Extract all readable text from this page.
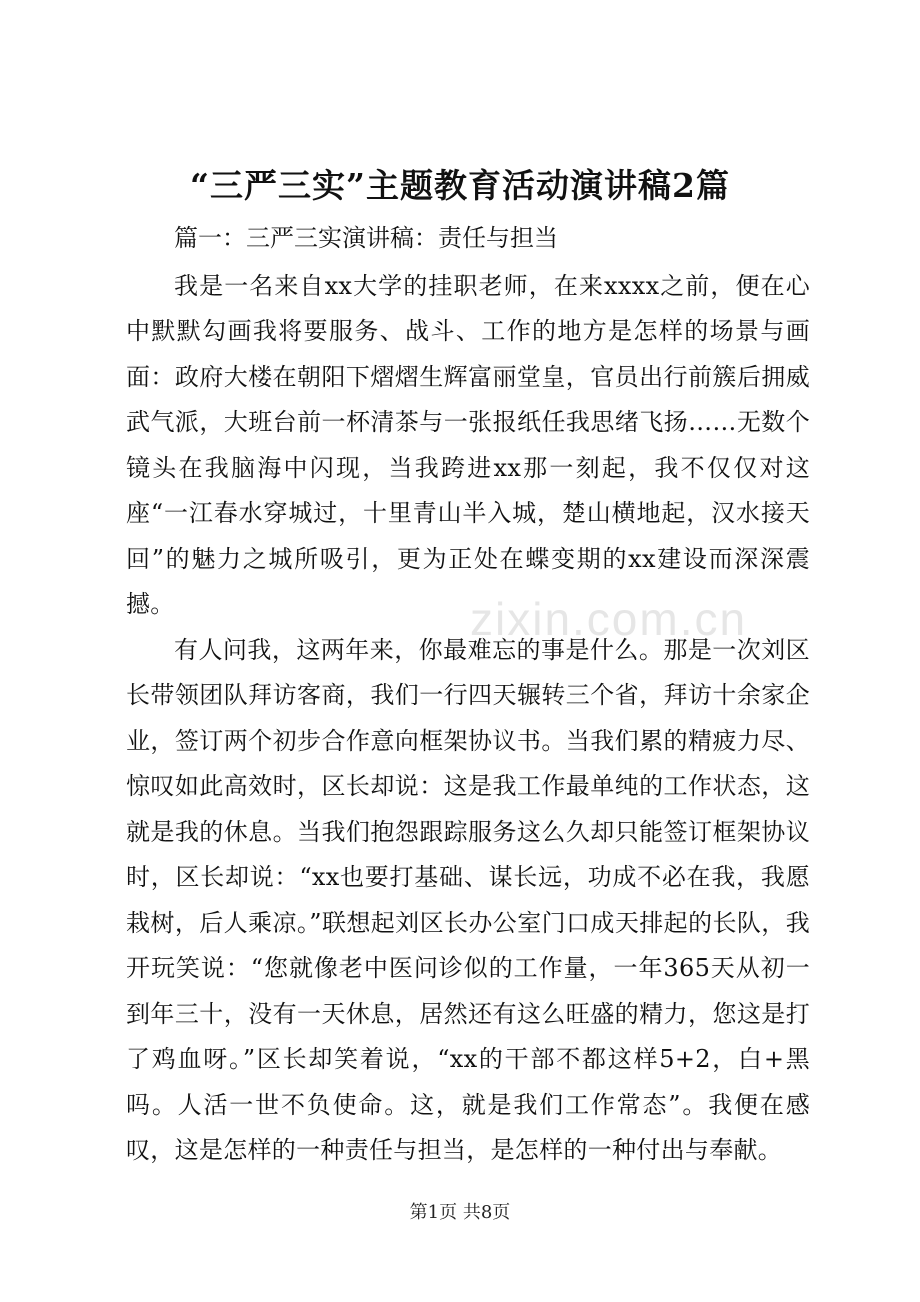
zixin.com.cn
“三严三实”主题教育活动演讲稿2篇

篇一：三严三实演讲稿：责任与担当

我是一名来自xx大学的挂职老师，在来xxxx之前，便在心中默默勾画我将要服务、战斗、工作的地方是怎样的场景与画面：政府大楼在朝阳下熠熠生辉富丽堂皇，官员出行前簇后拥威武气派，大班台前一杯清茶与一张报纸任我思绪飞扬……无数个镜头在我脑海中闪现，当我跨进xx那一刻起，我不仅仅对这座“一江春水穿城过，十里青山半入城，楚山横地起，汉水接天回”的魅力之城所吸引，更为正处在蝶变期的xx建设而深深震撼。

有人问我，这两年来，你最难忘的事是什么。那是一次刘区长带领团队拜访客商，我们一行四天辗转三个省，拜访十余家企业，签订两个初步合作意向框架协议书。当我们累的精疲力尽、惊叹如此高效时，区长却说：这是我工作最单纯的工作状态，这就是我的休息。当我们抱怨跟踪服务这么久却只能签订框架协议时，区长却说：“xx也要打基础、谋长远，功成不必在我，我愿栽树，后人乘凉。”联想起刘区长办公室门口成天排起的长队，我开玩笑说：“您就像老中医问诊似的工作量，一年365天从初一到年三十，没有一天休息，居然还有这么旺盛的精力，您这是打了鸡血呀。”区长却笑着说，“xx的干部不都这样5+2，白+黑吗。人活一世不负使命。这，就是我们工作常态”。我便在感叹，这是怎样的一种责任与担当，是怎样的一种付出与奉献。

第1页 共8页
